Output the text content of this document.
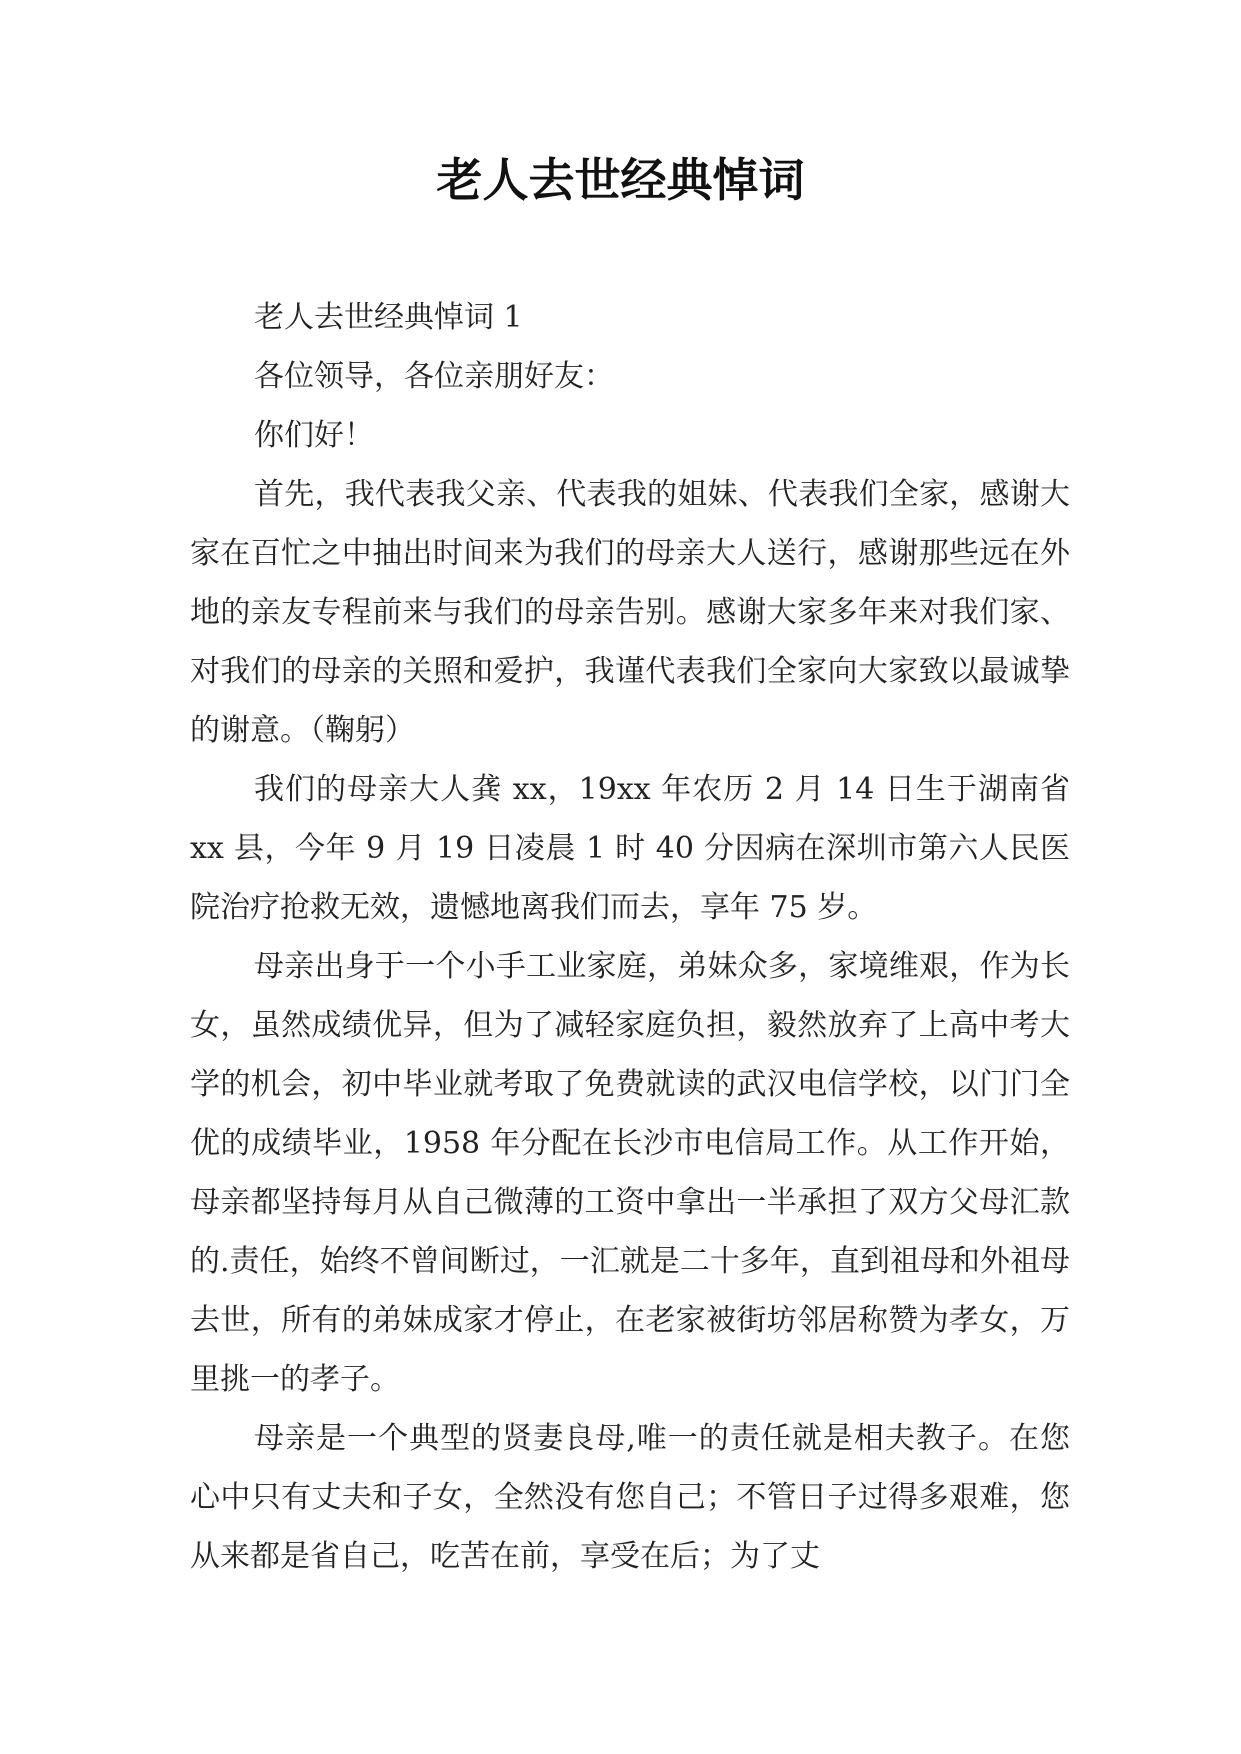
老人去世经典悼词

老人去世经典悼词 1

各位领导，各位亲朋好友：

你们好！

首先，我代表我父亲、代表我的姐妹、代表我们全家，感谢大家在百忙之中抽出时间来为我们的母亲大人送行，感谢那些远在外地的亲友专程前来与我们的母亲告别。感谢大家多年来对我们家、对我们的母亲的关照和爱护，我谨代表我们全家向大家致以最诚挚的谢意。（鞠躬）

我们的母亲大人龚 xx，19xx 年农历 2 月 14 日生于湖南省 xx 县，今年 9 月 19 日凌晨 1 时 40 分因病在深圳市第六人民医院治疗抢救无效，遗憾地离我们而去，享年 75 岁。

母亲出身于一个小手工业家庭，弟妹众多，家境维艰，作为长女，虽然成绩优异，但为了减轻家庭负担，毅然放弃了上高中考大学的机会，初中毕业就考取了免费就读的武汉电信学校，以门门全优的成绩毕业，1958 年分配在长沙市电信局工作。从工作开始，母亲都坚持每月从自己微薄的工资中拿出一半承担了双方父母汇款的.责任，始终不曾间断过，一汇就是二十多年，直到祖母和外祖母去世，所有的弟妹成家才停止，在老家被街坊邻居称赞为孝女，万里挑一的孝子。

母亲是一个典型的贤妻良母,唯一的责任就是相夫教子。在您心中只有丈夫和子女，全然没有您自己；不管日子过得多艰难，您从来都是省自己，吃苦在前，享受在后；为了丈
